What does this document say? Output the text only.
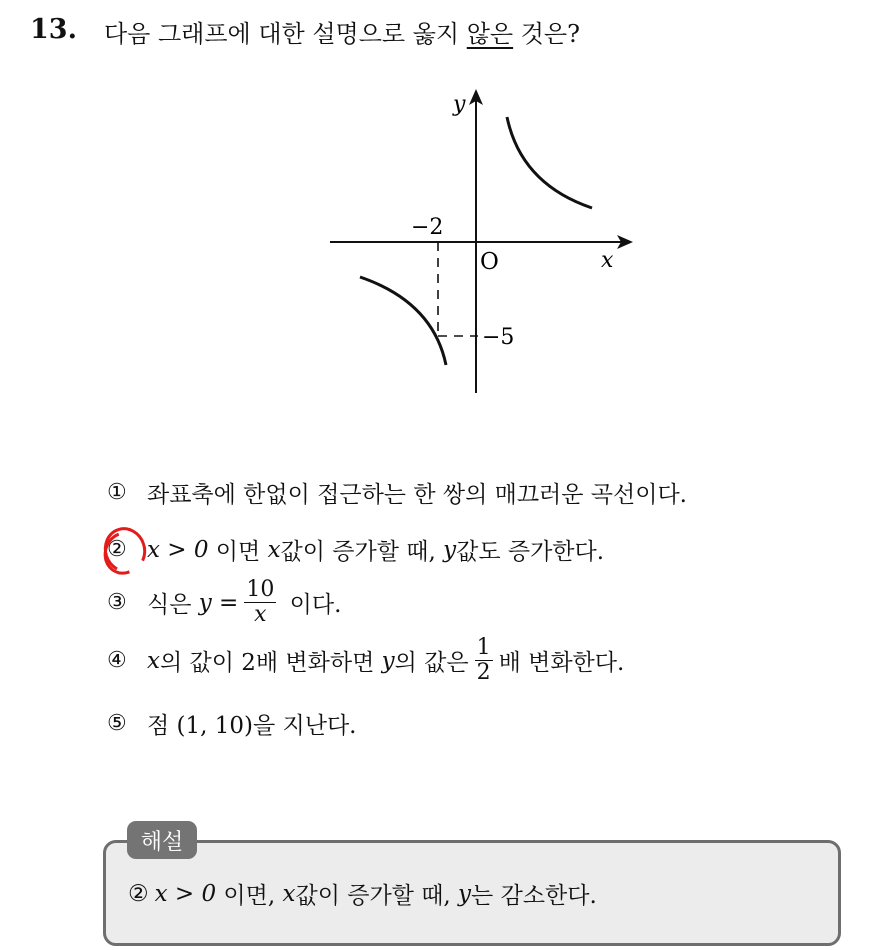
13. 다음 그래프에 대한 설명으로 옳지 않은 것은?
y
x
O
−2
−5
① 좌표축에 한없이 접근하는 한 쌍의 매끄러운 곡선이다.
② x > 0 이면 x 값이 증가할 때, y 값도 증가한다.
③ 식은 $y = \frac{10}{x}$ 이다.
④ x 의 값이 2배 변화하면 y 의 값은 $\frac{1}{2}$ 배 변화한다.
⑤ 점 (1, 10)을 지난다.
해설
② x > 0 이면, x 값이 증가할 때, y 는 감소한다.
